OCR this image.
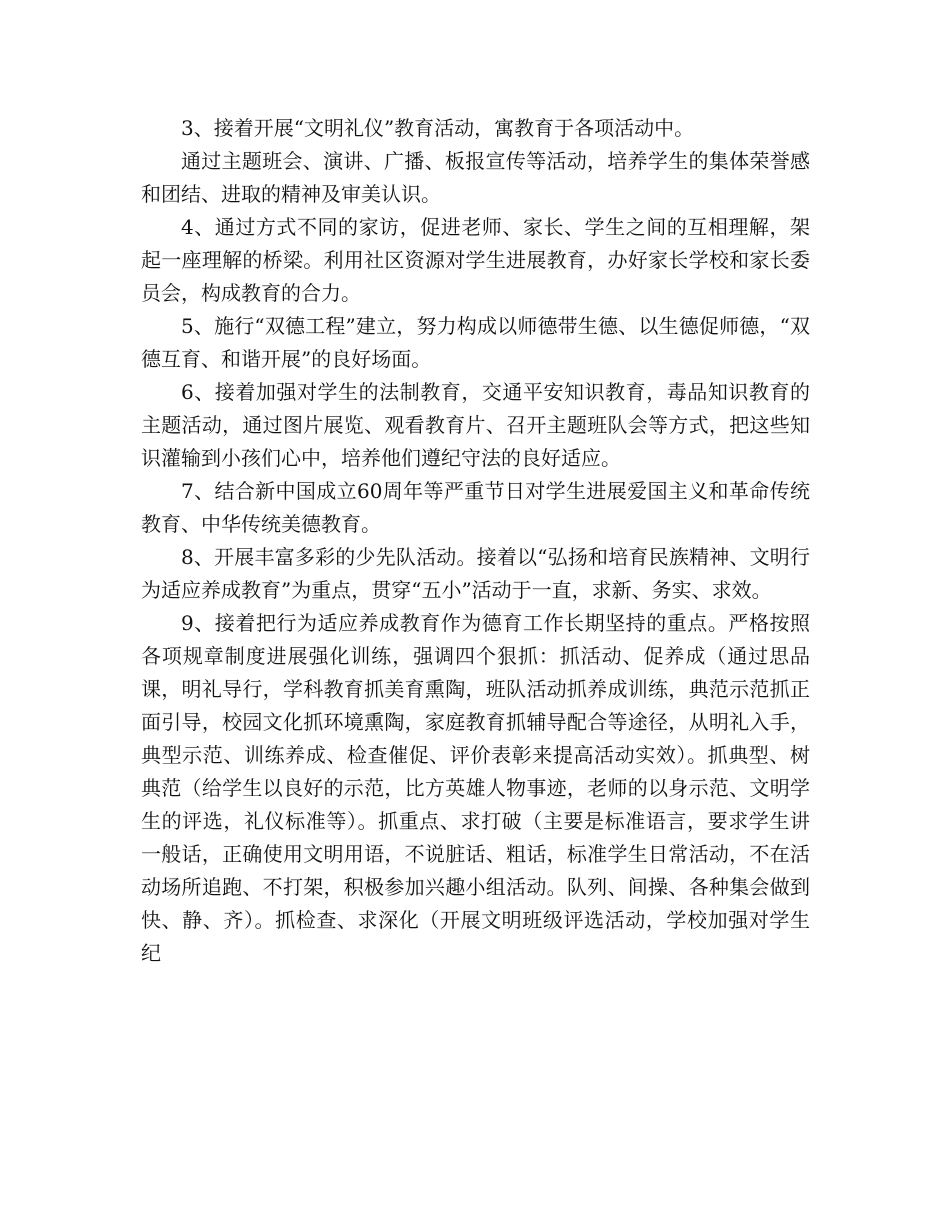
3、接着开展“文明礼仪”教育活动，寓教育于各项活动中。

通过主题班会、演讲、广播、板报宣传等活动，培养学生的集体荣誉感和团结、进取的精神及审美认识。

4、通过方式不同的家访，促进老师、家长、学生之间的互相理解，架起一座理解的桥梁。利用社区资源对学生进展教育，办好家长学校和家长委员会，构成教育的合力。

5、施行“双德工程”建立，努力构成以师德带生德、以生德促师德，“双德互育、和谐开展”的良好场面。

6、接着加强对学生的法制教育，交通平安知识教育，毒品知识教育的主题活动，通过图片展览、观看教育片、召开主题班队会等方式，把这些知识灌输到小孩们心中，培养他们遵纪守法的良好适应。

7、结合新中国成立60周年等严重节日对学生进展爱国主义和革命传统教育、中华传统美德教育。

8、开展丰富多彩的少先队活动。接着以“弘扬和培育民族精神、文明行为适应养成教育”为重点，贯穿“五小”活动于一直，求新、务实、求效。

9、接着把行为适应养成教育作为德育工作长期坚持的重点。严格按照各项规章制度进展强化训练，强调四个狠抓：抓活动、促养成（通过思品课，明礼导行，学科教育抓美育熏陶，班队活动抓养成训练，典范示范抓正面引导，校园文化抓环境熏陶，家庭教育抓辅导配合等途径，从明礼入手，典型示范、训练养成、检查催促、评价表彰来提高活动实效）。抓典型、树典范（给学生以良好的示范，比方英雄人物事迹，老师的以身示范、文明学生的评选，礼仪标准等）。抓重点、求打破（主要是标准语言，要求学生讲一般话，正确使用文明用语，不说脏话、粗话，标准学生日常活动，不在活动场所追跑、不打架，积极参加兴趣小组活动。队列、间操、各种集会做到快、静、齐）。抓检查、求深化（开展文明班级评选活动，学校加强对学生纪
